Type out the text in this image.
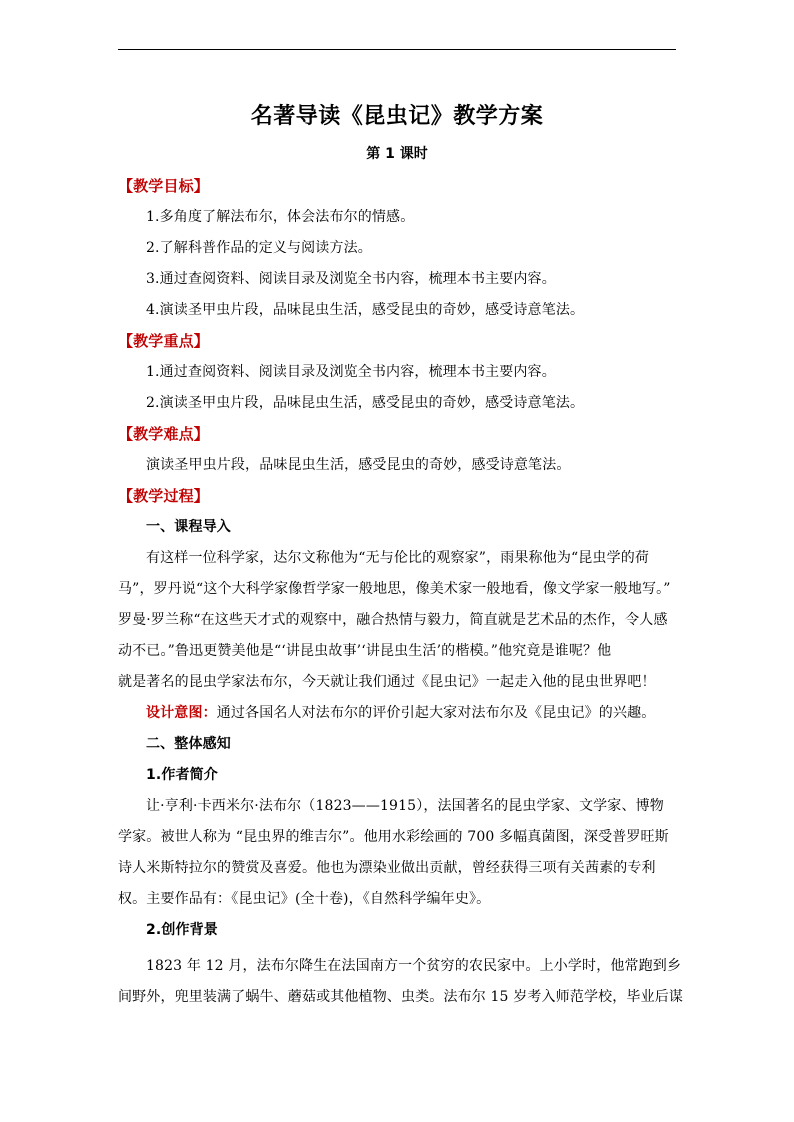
名著导读《昆虫记》教学方案
第 1 课时
【教学目标】
1.多角度了解法布尔，体会法布尔的情感。
2.了解科普作品的定义与阅读方法。
3.通过查阅资料、阅读目录及浏览全书内容，梳理本书主要内容。
4.演读圣甲虫片段，品味昆虫生活，感受昆虫的奇妙，感受诗意笔法。
【教学重点】
1.通过查阅资料、阅读目录及浏览全书内容，梳理本书主要内容。
2.演读圣甲虫片段，品味昆虫生活，感受昆虫的奇妙，感受诗意笔法。
【教学难点】
演读圣甲虫片段，品味昆虫生活，感受昆虫的奇妙，感受诗意笔法。
【教学过程】
一、课程导入
有这样一位科学家，达尔文称他为“无与伦比的观察家”，雨果称他为“昆虫学的荷
马”，罗丹说“这个大科学家像哲学家一般地思，像美术家一般地看，像文学家一般地写。”
罗曼·罗兰称“在这些天才式的观察中，融合热情与毅力，简直就是艺术品的杰作，令人感
动不已。”鲁迅更赞美他是“‘讲昆虫故事’‘讲昆虫生活’的楷模。”他究竟是谁呢？他
就是著名的昆虫学家法布尔，今天就让我们通过《昆虫记》一起走入他的昆虫世界吧！
设计意图：通过各国名人对法布尔的评价引起大家对法布尔及《昆虫记》的兴趣。
二、整体感知
1.作者简介
让·亨利·卡西米尔·法布尔（1823——1915），法国著名的昆虫学家、文学家、博物
学家。被世人称为 “昆虫界的维吉尔”。他用水彩绘画的 700 多幅真菌图，深受普罗旺斯
诗人米斯特拉尔的赞赏及喜爱。他也为漂染业做出贡献，曾经获得三项有关茜素的专利
权。主要作品有：《昆虫记》(全十卷)，《自然科学编年史》。
2.创作背景
1823 年 12 月，法布尔降生在法国南方一个贫穷的农民家中。上小学时，他常跑到乡
间野外，兜里装满了蜗牛、蘑菇或其他植物、虫类。法布尔 15 岁考入师范学校，毕业后谋
